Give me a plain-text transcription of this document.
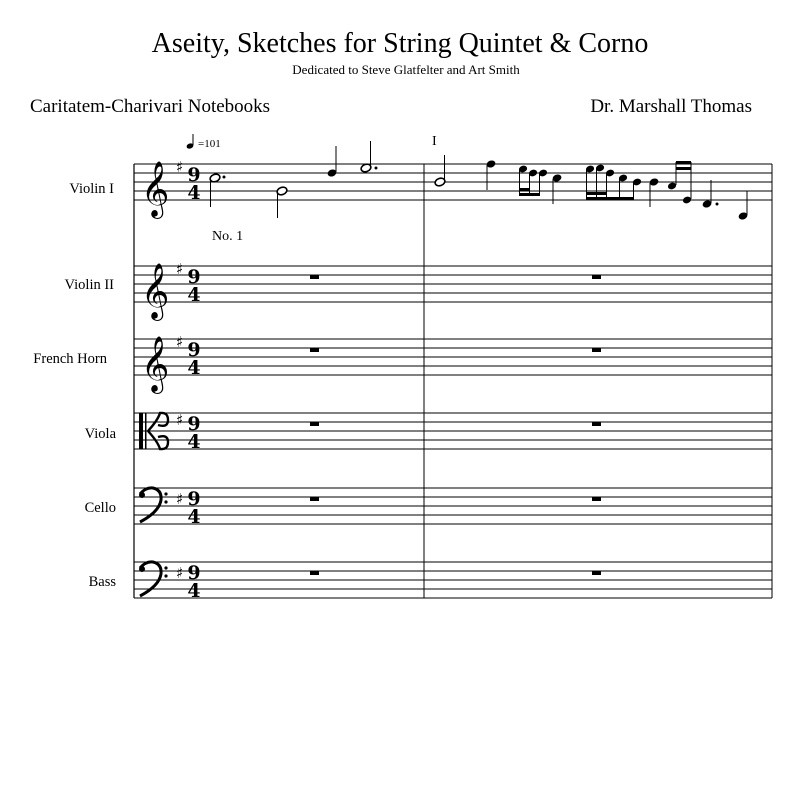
Aseity, Sketches for String Quintet & Corno
Dedicated to Steve Glatfelter and Art Smith
Caritatem-Charivari Notebooks	Dr. Marshall Thomas
Violin I
Violin II
French Horn
Viola
Cello
Bass
=101	I
No. 1
𝄞
𝄞
𝄞
♯
♯
♯
♯
♯
♯
9
4
9
4
9
4
9
4
9
4
9
4
